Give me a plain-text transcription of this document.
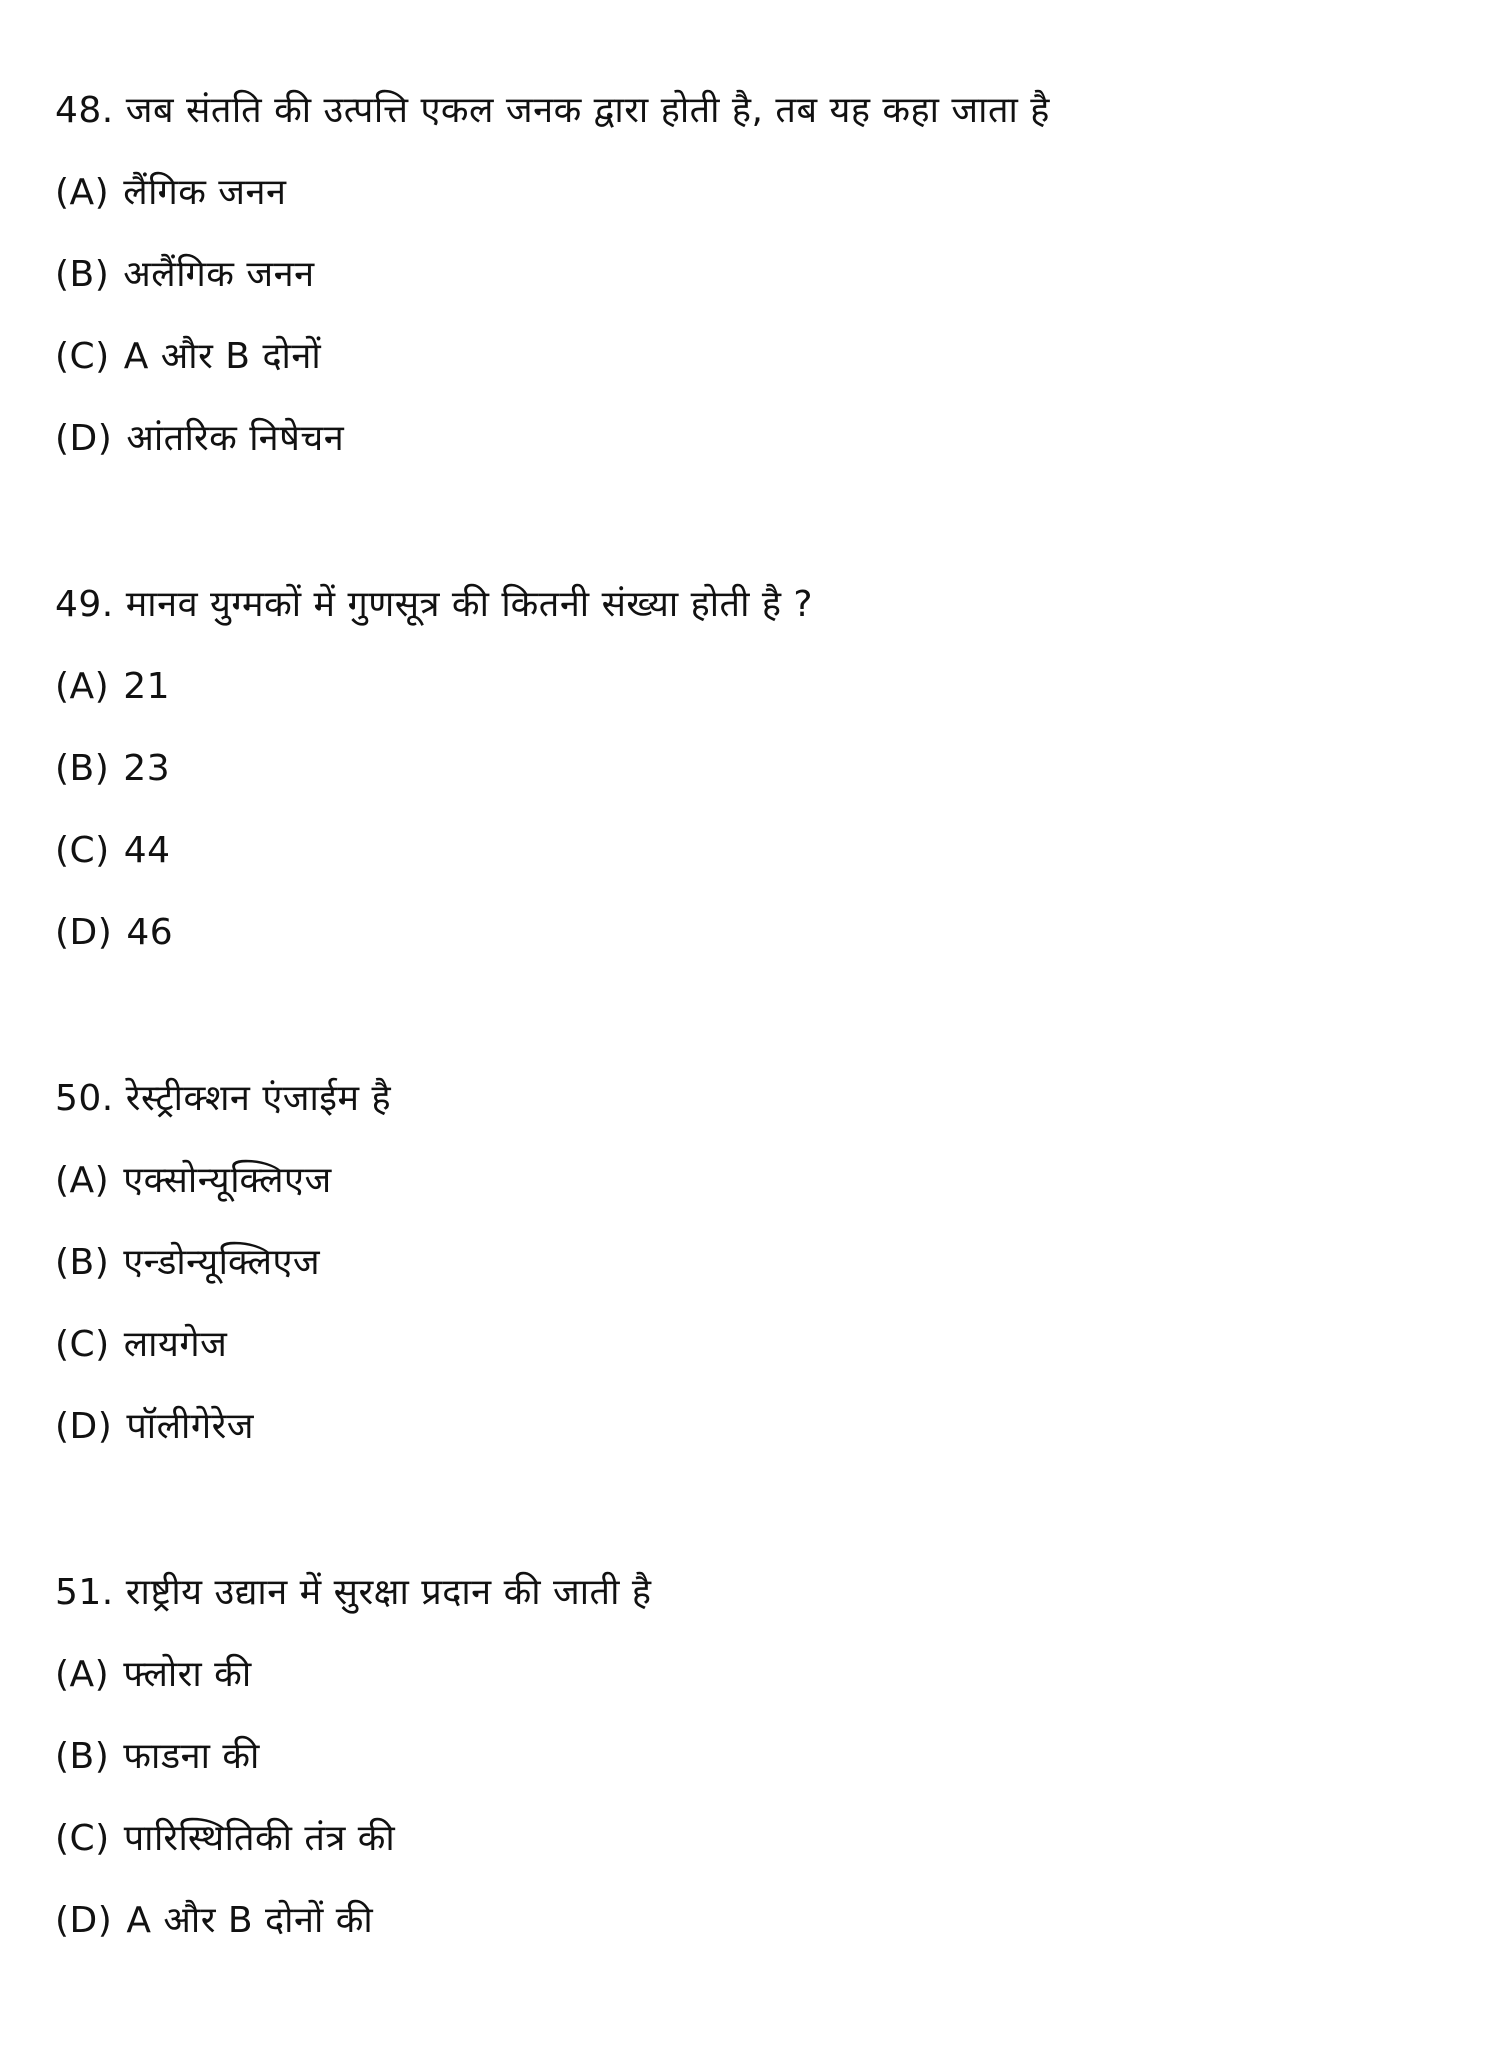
48. जब संतति की उत्पत्ति एकल जनक द्वारा होती है, तब यह कहा जाता है
(A) लैंगिक जनन
(B) अलैंगिक जनन
(C) A और B दोनों
(D) आंतरिक निषेचन
49. मानव युग्मकों में गुणसूत्र की कितनी संख्या होती है ?
(A) 21
(B) 23
(C) 44
(D) 46
50. रेस्ट्रीक्शन एंजाईम है
(A) एक्सोन्यूक्लिएज
(B) एन्डोन्यूक्लिएज
(C) लायगेज
(D) पॉलीगेरेज
51. राष्ट्रीय उद्यान में सुरक्षा प्रदान की जाती है
(A) फ्लोरा की
(B) फाडना की
(C) पारिस्थितिकी तंत्र की
(D) A और B दोनों की
